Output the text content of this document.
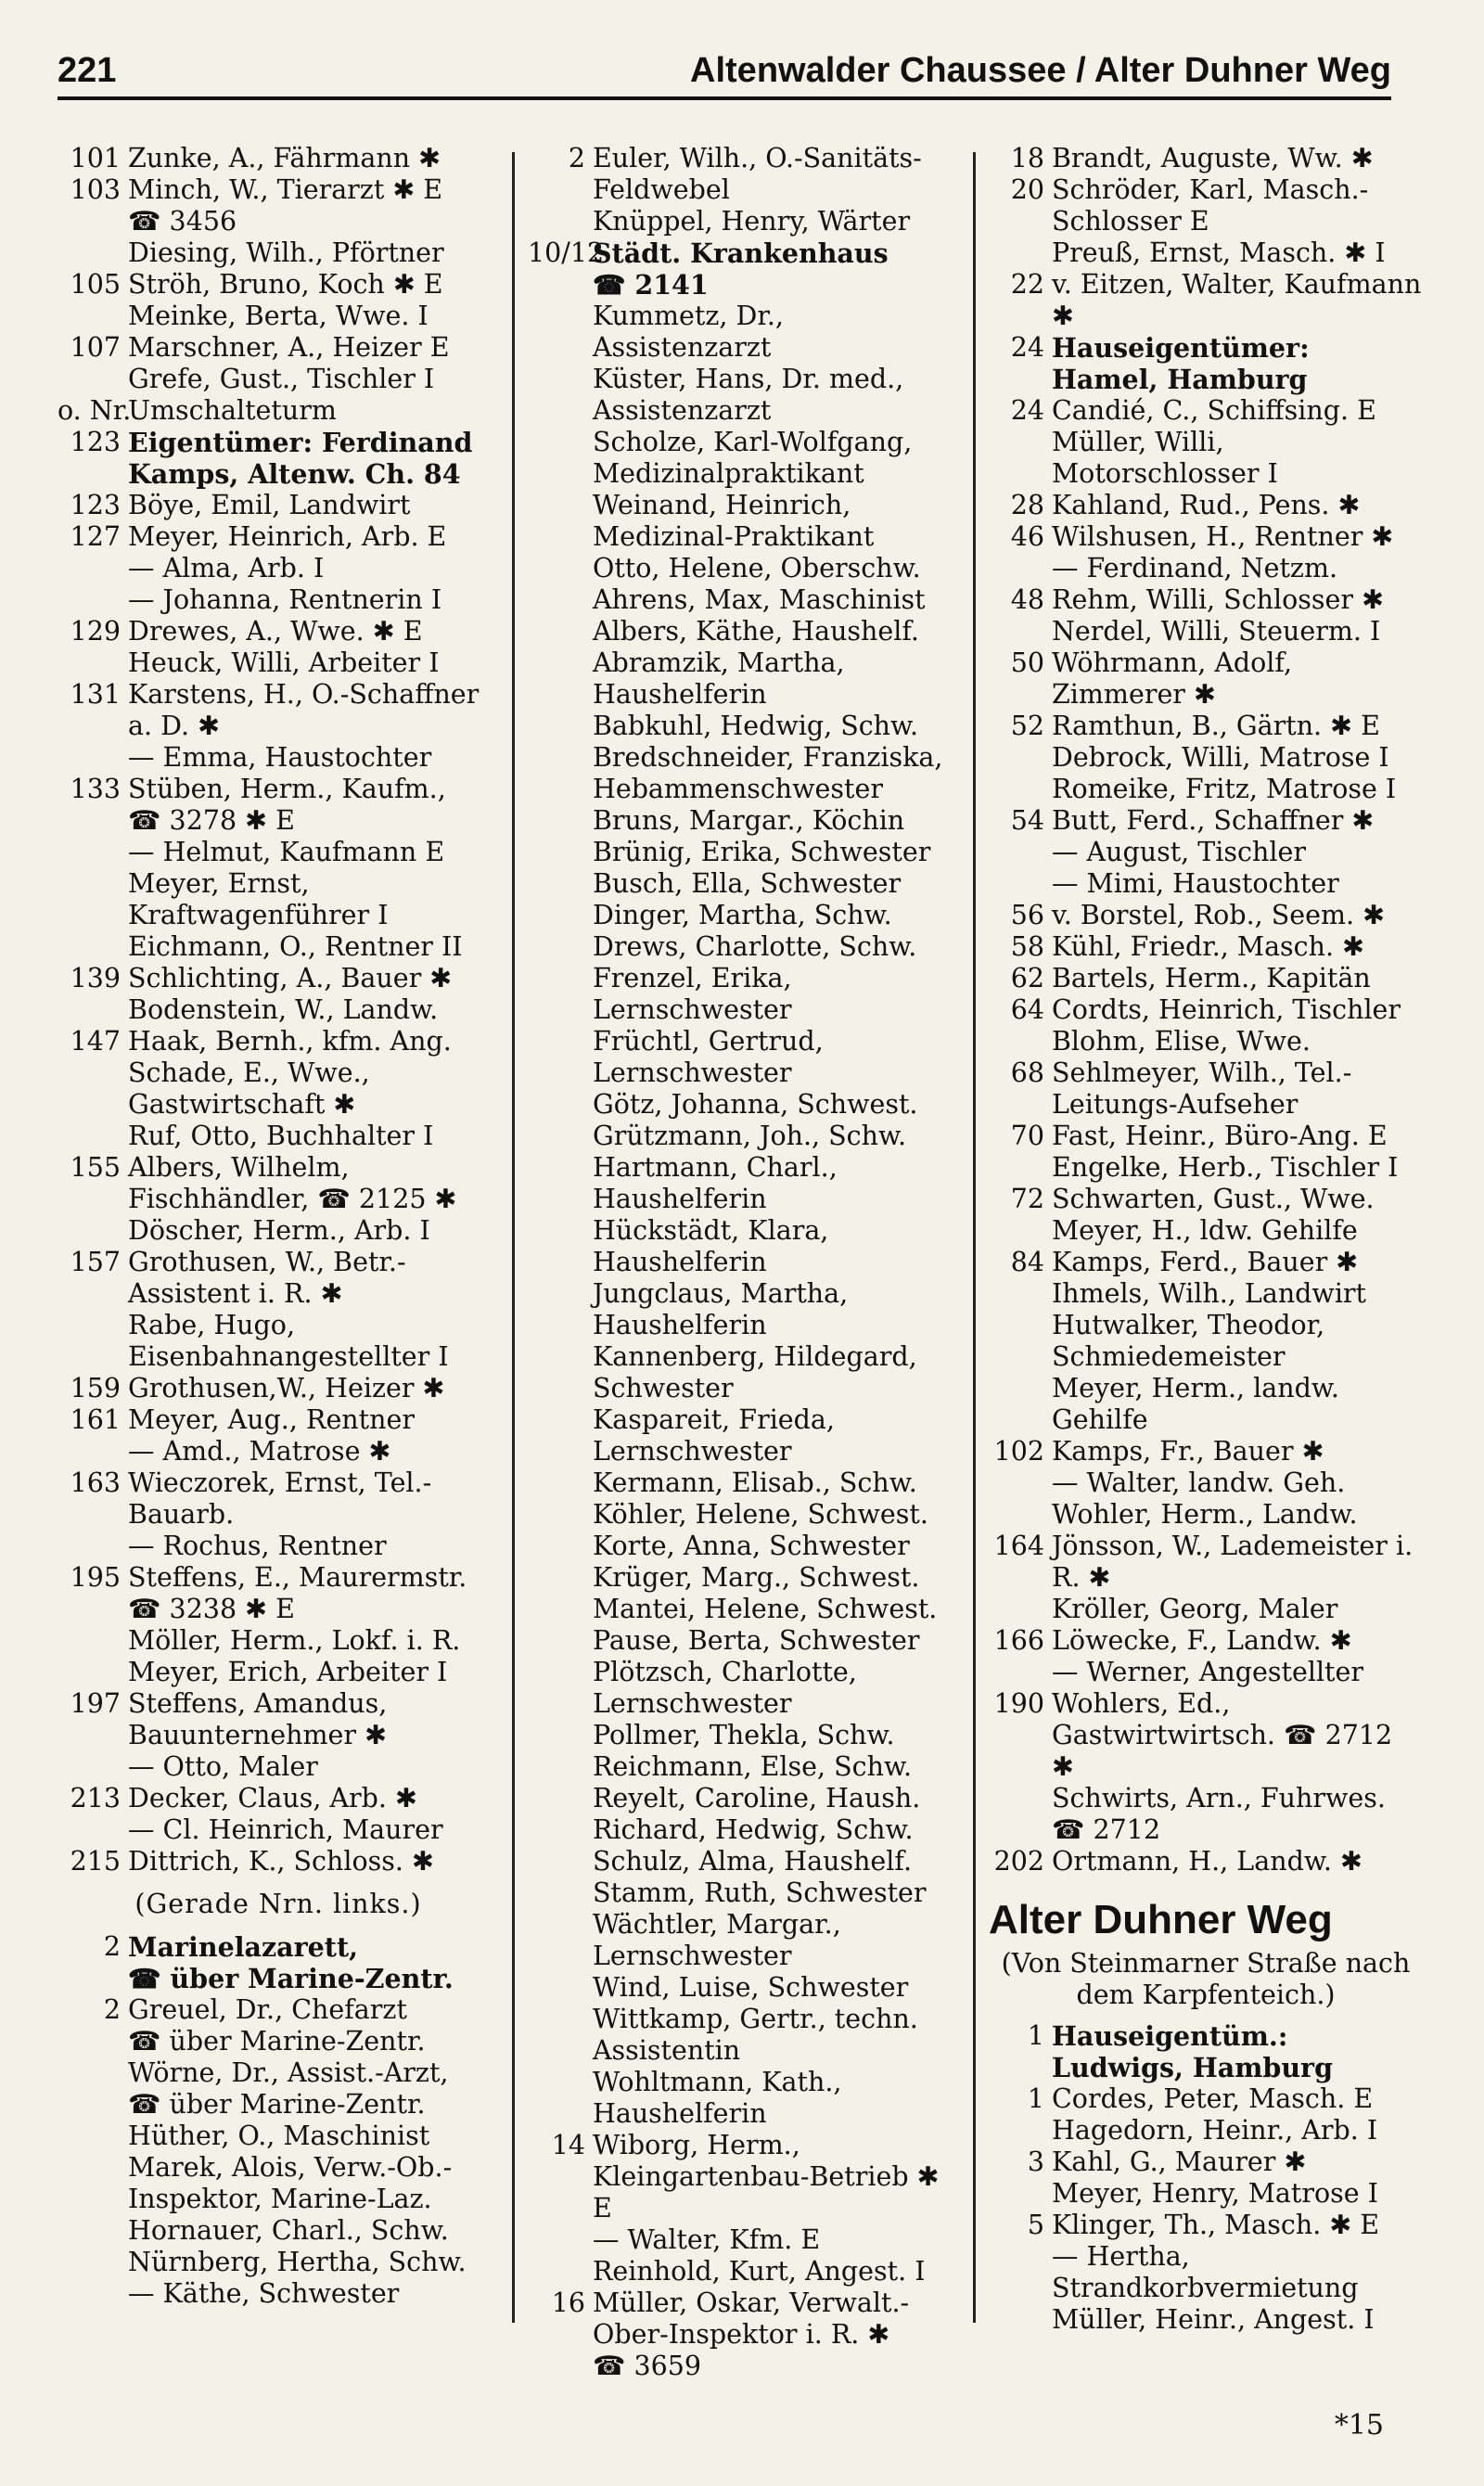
221	Altenwalder Chaussee / Alter Duhner Weg
101 Zunke, A., Fährmann ✱
103 Minch, W., Tierarzt ✱ E
☎ 3456
Diesing, Wilh., Pförtner
105 Ströh, Bruno, Koch ✱ E
Meinke, Berta, Wwe. I
107 Marschner, A., Heizer E
Grefe, Gust., Tischler I
o. Nr.
Umschalteturm
123 Eigentümer: Ferdinand
Kamps, Altenw. Ch. 84
123 Böye, Emil, Landwirt
127 Meyer, Heinrich, Arb. E
— Alma, Arb. I
— Johanna, Rentnerin I
129 Drewes, A., Wwe. ✱ E
Heuck, Willi, Arbeiter I
131 Karstens, H., O.-Schaffner a. D. ✱
— Emma, Haustochter
133 Stüben, Herm., Kaufm.,
☎ 3278 ✱ E
— Helmut, Kaufmann E
Meyer, Ernst, Kraftwagenführer I
Eichmann, O., Rentner II
139 Schlichting, A., Bauer ✱
Bodenstein, W., Landw.
147 Haak, Bernh., kfm. Ang.
Schade, E., Wwe., Gastwirtschaft ✱
Ruf, Otto, Buchhalter I
155 Albers, Wilhelm, Fischhändler, ☎ 2125 ✱
Döscher, Herm., Arb. I
157 Grothusen, W., Betr.-Assistent i. R. ✱
Rabe, Hugo, Eisenbahnangestellter I
159 Grothusen,W., Heizer ✱
161 Meyer, Aug., Rentner
— Amd., Matrose ✱
163 Wieczorek, Ernst, Tel.-Bauarb.
— Rochus, Rentner
195 Steffens, E., Maurermstr.
☎ 3238 ✱ E
Möller, Herm., Lokf. i. R.
Meyer, Erich, Arbeiter I
197 Steffens, Amandus, Bauunternehmer ✱
— Otto, Maler
213 Decker, Claus, Arb. ✱
— Cl. Heinrich, Maurer
215 Dittrich, K., Schloss. ✱
(Gerade Nrn. links.)
2 Marinelazarett,
☎ über Marine-Zentr.
2 Greuel, Dr., Chefarzt
☎ über Marine-Zentr.
Wörne, Dr., Assist.-Arzt,
☎ über Marine-Zentr.
Hüther, O., Maschinist
Marek, Alois, Verw.-Ob.-Inspektor, Marine-Laz.
Hornauer, Charl., Schw.
Nürnberg, Hertha, Schw.
— Käthe, Schwester
2 Euler, Wilh., O.-Sanitäts-Feldwebel
Knüppel, Henry, Wärter
10/12
Städt. Krankenhaus
☎ 2141
Kummetz, Dr., Assistenzarzt
Küster, Hans, Dr. med., Assistenzarzt
Scholze, Karl-Wolfgang, Medizinalpraktikant
Weinand, Heinrich, Medizinal-Praktikant
Otto, Helene, Oberschw.
Ahrens, Max, Maschinist
Albers, Käthe, Haushelf.
Abramzik, Martha, Haushelferin
Babkuhl, Hedwig, Schw.
Bredschneider, Franziska, Hebammenschwester
Bruns, Margar., Köchin
Brünig, Erika, Schwester
Busch, Ella, Schwester
Dinger, Martha, Schw.
Drews, Charlotte, Schw.
Frenzel, Erika, Lernschwester
Früchtl, Gertrud, Lernschwester
Götz, Johanna, Schwest.
Grützmann, Joh., Schw.
Hartmann, Charl., Haushelferin
Hückstädt, Klara, Haushelferin
Jungclaus, Martha, Haushelferin
Kannenberg, Hildegard, Schwester
Kaspareit, Frieda, Lernschwester
Kermann, Elisab., Schw.
Köhler, Helene, Schwest.
Korte, Anna, Schwester
Krüger, Marg., Schwest.
Mantei, Helene, Schwest.
Pause, Berta, Schwester
Plötzsch, Charlotte, Lernschwester
Pollmer, Thekla, Schw.
Reichmann, Else, Schw.
Reyelt, Caroline, Haush.
Richard, Hedwig, Schw.
Schulz, Alma, Haushelf.
Stamm, Ruth, Schwester
Wächtler, Margar., Lernschwester
Wind, Luise, Schwester
Wittkamp, Gertr., techn. Assistentin
Wohltmann, Kath., Haushelferin
14 Wiborg, Herm., Kleingartenbau-Betrieb ✱ E
— Walter, Kfm. E
Reinhold, Kurt, Angest. I
16 Müller, Oskar, Verwalt.-Ober-Inspektor i. R. ✱
☎ 3659
18 Brandt, Auguste, Ww. ✱
20 Schröder, Karl, Masch.-Schlosser E
Preuß, Ernst, Masch. ✱ I
22 v. Eitzen, Walter, Kaufmann ✱
24 Hauseigentümer: Hamel, Hamburg
24 Candié, C., Schiffsing. E
Müller, Willi, Motorschlosser I
28 Kahland, Rud., Pens. ✱
46 Wilshusen, H., Rentner ✱
— Ferdinand, Netzm.
48 Rehm, Willi, Schlosser ✱
Nerdel, Willi, Steuerm. I
50 Wöhrmann, Adolf, Zimmerer ✱
52 Ramthun, B., Gärtn. ✱ E
Debrock, Willi, Matrose I
Romeike, Fritz, Matrose I
54 Butt, Ferd., Schaffner ✱
— August, Tischler
— Mimi, Haustochter
56 v. Borstel, Rob., Seem. ✱
58 Kühl, Friedr., Masch. ✱
62 Bartels, Herm., Kapitän
64 Cordts, Heinrich, Tischler
Blohm, Elise, Wwe.
68 Sehlmeyer, Wilh., Tel.-Leitungs-Aufseher
70 Fast, Heinr., Büro-Ang. E
Engelke, Herb., Tischler I
72 Schwarten, Gust., Wwe.
Meyer, H., ldw. Gehilfe
84 Kamps, Ferd., Bauer ✱
Ihmels, Wilh., Landwirt
Hutwalker, Theodor, Schmiedemeister
Meyer, Herm., landw. Gehilfe
102 Kamps, Fr., Bauer ✱
— Walter, landw. Geh.
Wohler, Herm., Landw.
164 Jönsson, W., Lademeister i. R. ✱
Kröller, Georg, Maler
166 Löwecke, F., Landw. ✱
— Werner, Angestellter
190 Wohlers, Ed., Gastwirtwirtsch. ☎ 2712 ✱
Schwirts, Arn., Fuhrwes.
☎ 2712
202 Ortmann, H., Landw. ✱
Alter Duhner Weg
(Von Steinmarner Straße nach dem Karpfenteich.)
1 Hauseigentüm.: Ludwigs, Hamburg
1 Cordes, Peter, Masch. E
Hagedorn, Heinr., Arb. I
3 Kahl, G., Maurer ✱
Meyer, Henry, Matrose I
5 Klinger, Th., Masch. ✱ E
— Hertha, Strandkorbvermietung
Müller, Heinr., Angest. I
*15
